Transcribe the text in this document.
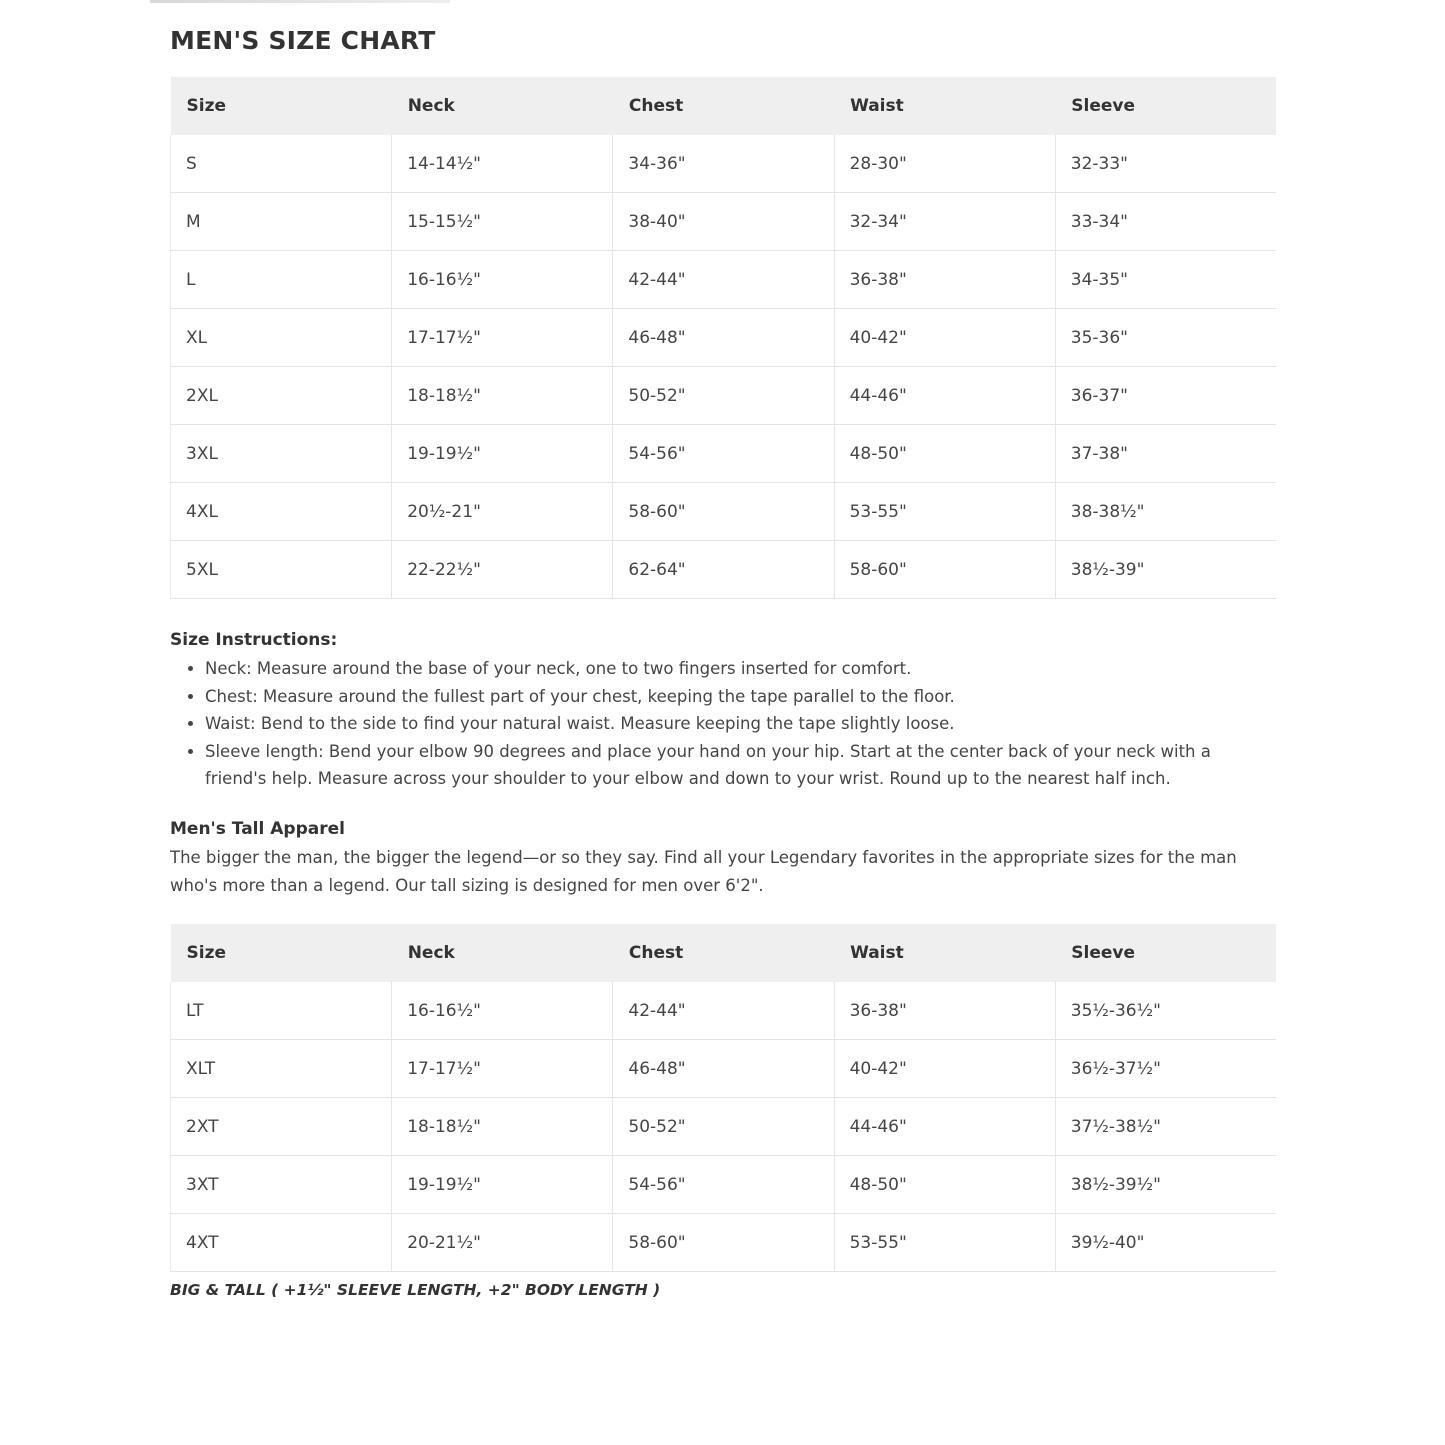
MEN'S SIZE CHART
Size	Neck	Chest	Waist	Sleeve
S	14-14½"	34-36"	28-30"	32-33"
M	15-15½"	38-40"	32-34"	33-34"
L	16-16½"	42-44"	36-38"	34-35"
XL	17-17½"	46-48"	40-42"	35-36"
2XL	18-18½"	50-52"	44-46"	36-37"
3XL	19-19½"	54-56"	48-50"	37-38"
4XL	20½-21"	58-60"	53-55"	38-38½"
5XL	22-22½"	62-64"	58-60"	38½-39"
Size Instructions:
• Neck: Measure around the base of your neck, one to two fingers inserted for comfort.
• Chest: Measure around the fullest part of your chest, keeping the tape parallel to the floor.
• Waist: Bend to the side to find your natural waist. Measure keeping the tape slightly loose.
• Sleeve length: Bend your elbow 90 degrees and place your hand on your hip. Start at the center back of your neck with a friend's help. Measure across your shoulder to your elbow and down to your wrist. Round up to the nearest half inch.
Men's Tall Apparel

The bigger the man, the bigger the legend—or so they say. Find all your Legendary favorites in the appropriate sizes for the man who's more than a legend. Our tall sizing is designed for men over 6'2".

Size	Neck	Chest	Waist	Sleeve
LT	16-16½"	42-44"	36-38"	35½-36½"
XLT	17-17½"	46-48"	40-42"	36½-37½"
2XT	18-18½"	50-52"	44-46"	37½-38½"
3XT	19-19½"	54-56"	48-50"	38½-39½"
4XT	20-21½"	58-60"	53-55"	39½-40"

BIG & TALL ( +1½" SLEEVE LENGTH, +2" BODY LENGTH )
